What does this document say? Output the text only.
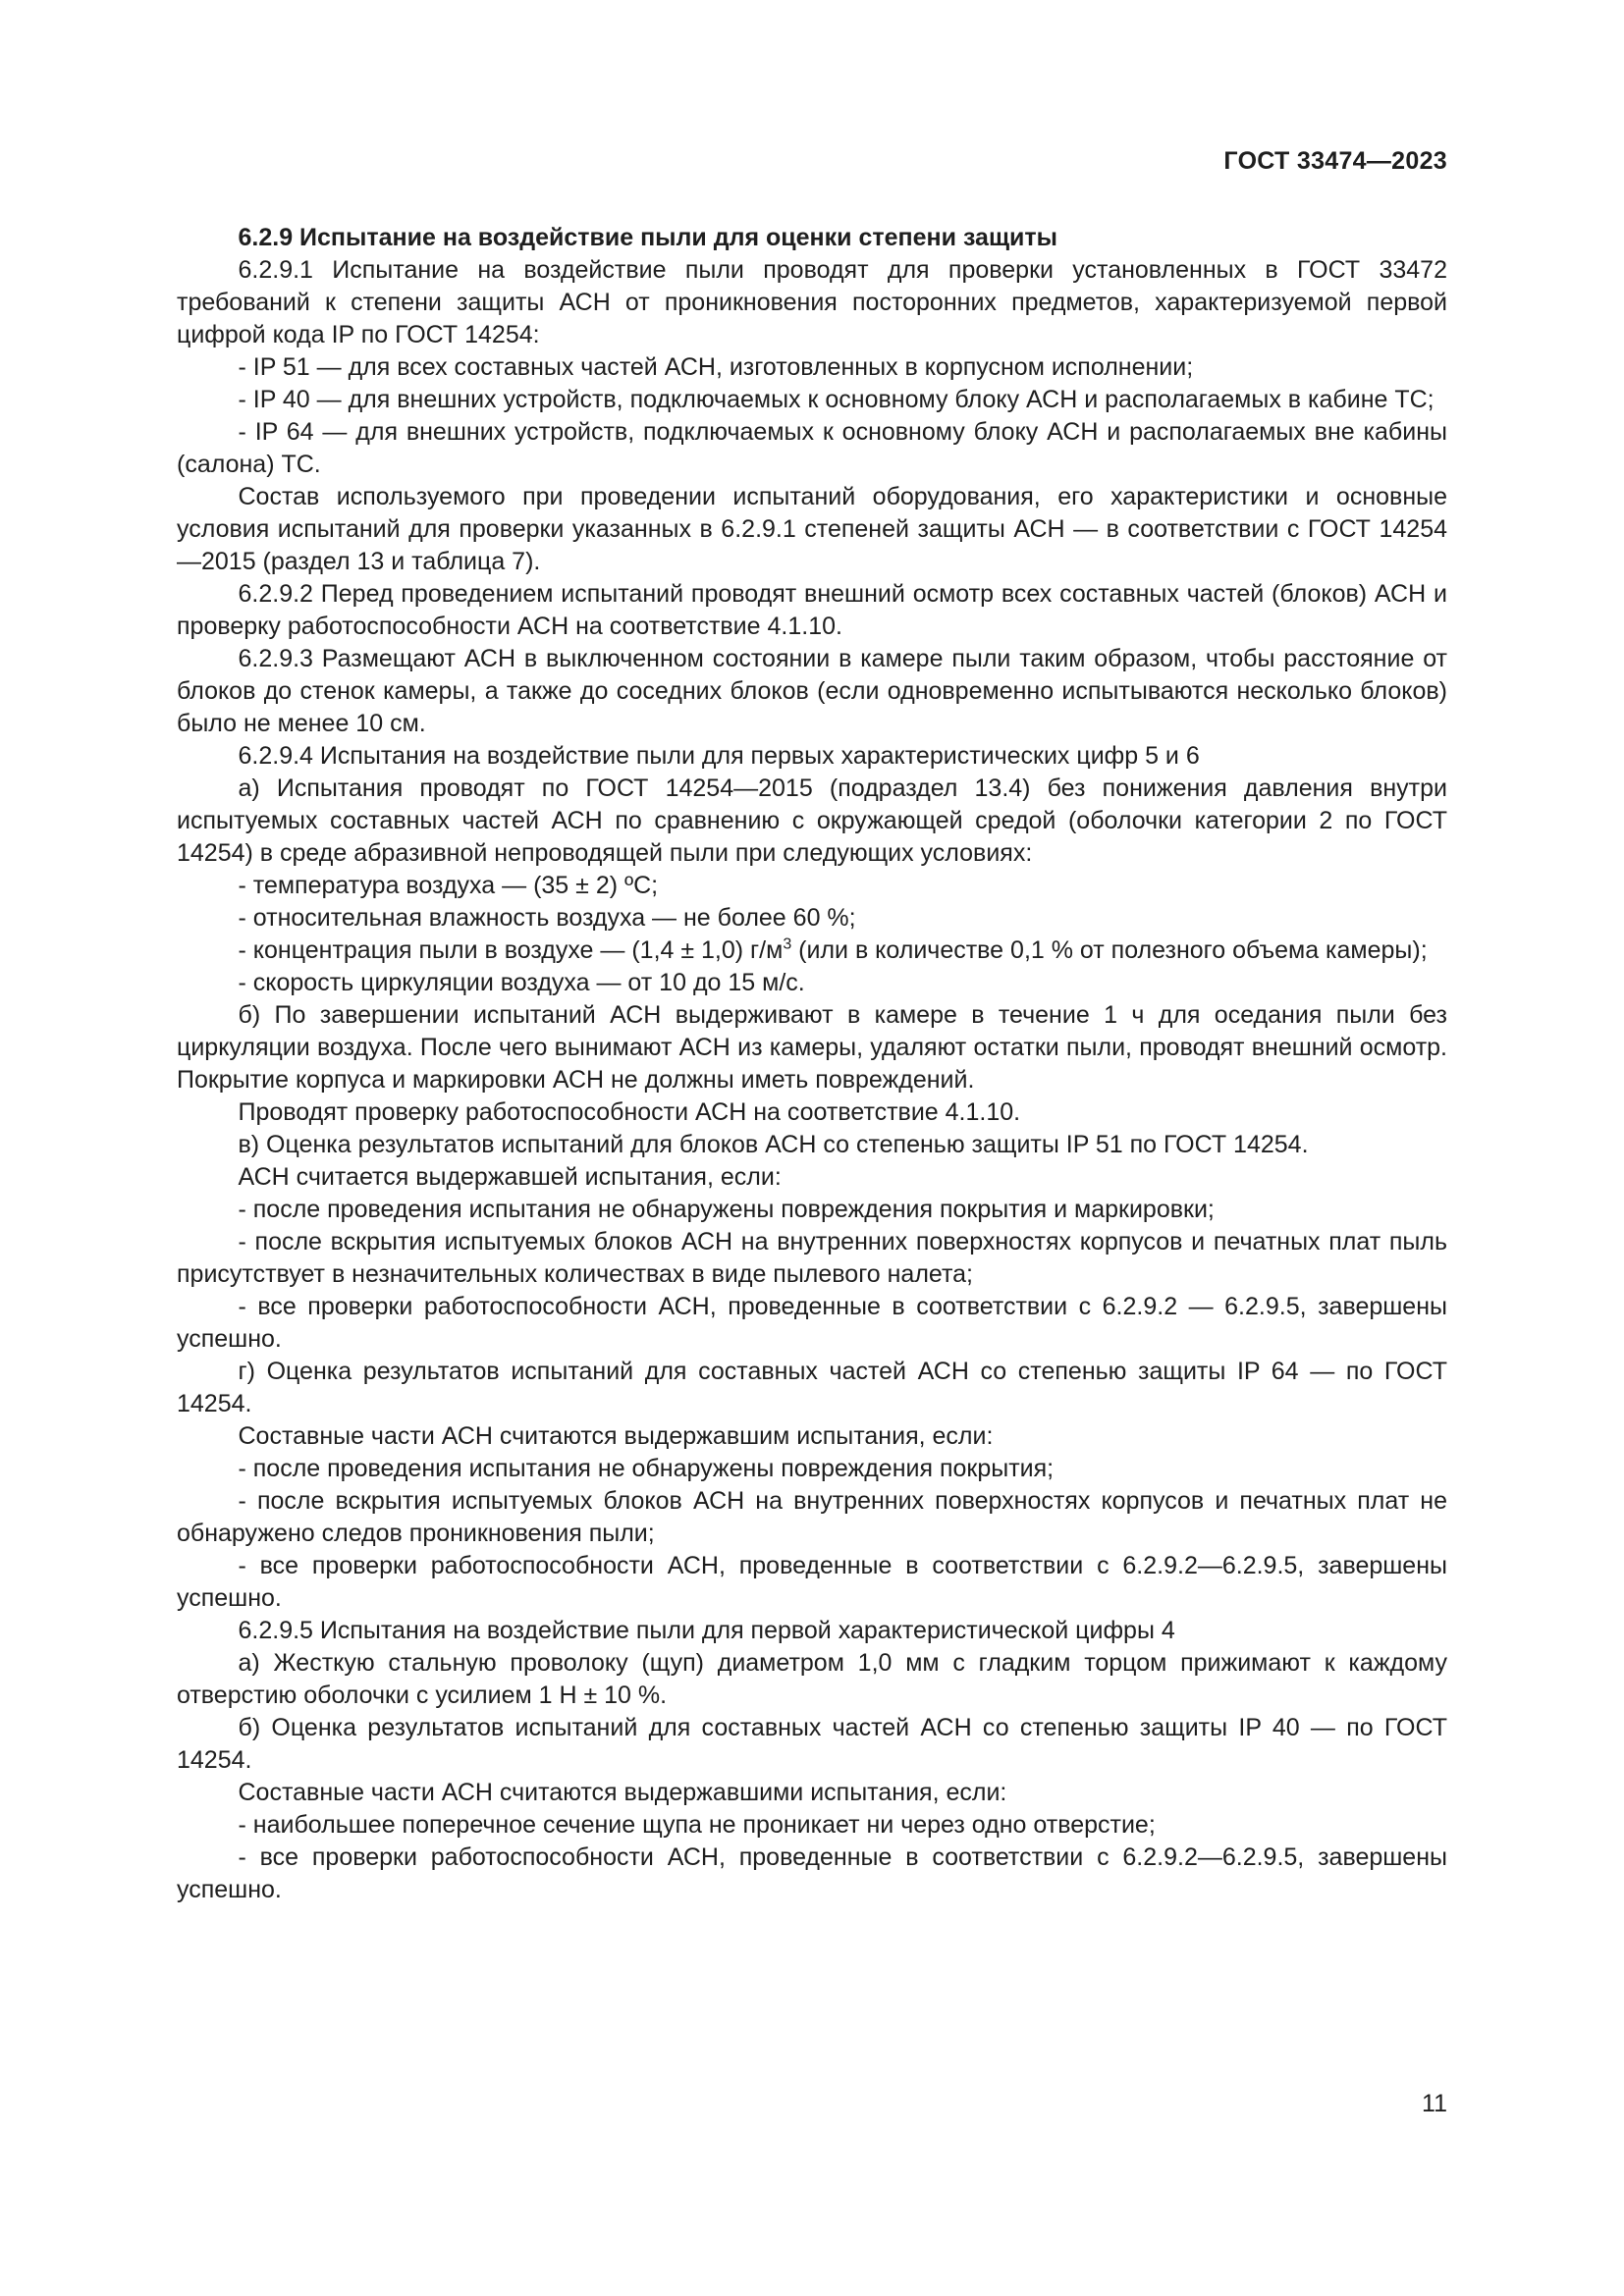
ГОСТ 33474—2023

6.2.9 Испытание на воздействие пыли для оценки степени защиты

6.2.9.1 Испытание на воздействие пыли проводят для проверки установленных в ГОСТ 33472 требований к степени защиты АСН от проникновения посторонних предметов, характеризуемой первой цифрой кода IP по ГОСТ 14254:

- IP 51 — для всех составных частей АСН, изготовленных в корпусном исполнении;

- IP 40 — для внешних устройств, подключаемых к основному блоку АСН и располагаемых в кабине ТС;

- IP 64 — для внешних устройств, подключаемых к основному блоку АСН и располагаемых вне кабины (салона) ТС.

Состав используемого при проведении испытаний оборудования, его характеристики и основные условия испытаний для проверки указанных в 6.2.9.1 степеней защиты АСН — в соответствии с ГОСТ 14254—2015 (раздел 13 и таблица 7).

6.2.9.2 Перед проведением испытаний проводят внешний осмотр всех составных частей (блоков) АСН и проверку работоспособности АСН на соответствие 4.1.10.

6.2.9.3 Размещают АСН в выключенном состоянии в камере пыли таким образом, чтобы расстояние от блоков до стенок камеры, а также до соседних блоков (если одновременно испытываются несколько блоков) было не менее 10 см.

6.2.9.4 Испытания на воздействие пыли для первых характеристических цифр 5 и 6

а) Испытания проводят по ГОСТ 14254—2015 (подраздел 13.4) без понижения давления внутри испытуемых составных частей АСН по сравнению с окружающей средой (оболочки категории 2 по ГОСТ 14254) в среде абразивной непроводящей пыли при следующих условиях:

- температура воздуха — (35 ± 2) ºС;

- относительная влажность воздуха — не более 60 %;

- концентрация пыли в воздухе — (1,4 ± 1,0) $г/м^3$ (или в количестве 0,1 % от полезного объема камеры);

- скорость циркуляции воздуха — от 10 до 15 м/с.

б) По завершении испытаний АСН выдерживают в камере в течение 1 ч для оседания пыли без циркуляции воздуха. После чего вынимают АСН из камеры, удаляют остатки пыли, проводят внешний осмотр. Покрытие корпуса и маркировки АСН не должны иметь повреждений.

Проводят проверку работоспособности АСН на соответствие 4.1.10.

в) Оценка результатов испытаний для блоков АСН со степенью защиты IP 51 по ГОСТ 14254.

АСН считается выдержавшей испытания, если:

- после проведения испытания не обнаружены повреждения покрытия и маркировки;

- после вскрытия испытуемых блоков АСН на внутренних поверхностях корпусов и печатных плат пыль присутствует в незначительных количествах в виде пылевого налета;

- все проверки работоспособности АСН, проведенные в соответствии с 6.2.9.2 — 6.2.9.5, завершены успешно.

г) Оценка результатов испытаний для составных частей АСН со степенью защиты IP 64 — по ГОСТ 14254.

Составные части АСН считаются выдержавшим испытания, если:

- после проведения испытания не обнаружены повреждения покрытия;

- после вскрытия испытуемых блоков АСН на внутренних поверхностях корпусов и печатных плат не обнаружено следов проникновения пыли;

- все проверки работоспособности АСН, проведенные в соответствии с 6.2.9.2—6.2.9.5, завершены успешно.

6.2.9.5 Испытания на воздействие пыли для первой характеристической цифры 4

а) Жесткую стальную проволоку (щуп) диаметром 1,0 мм с гладким торцом прижимают к каждому отверстию оболочки с усилием 1 Н ± 10 %.

б) Оценка результатов испытаний для составных частей АСН со степенью защиты IP 40 — по ГОСТ 14254.

Составные части АСН считаются выдержавшими испытания, если:

- наибольшее поперечное сечение щупа не проникает ни через одно отверстие;

- все проверки работоспособности АСН, проведенные в соответствии с 6.2.9.2—6.2.9.5, завершены успешно.

11
